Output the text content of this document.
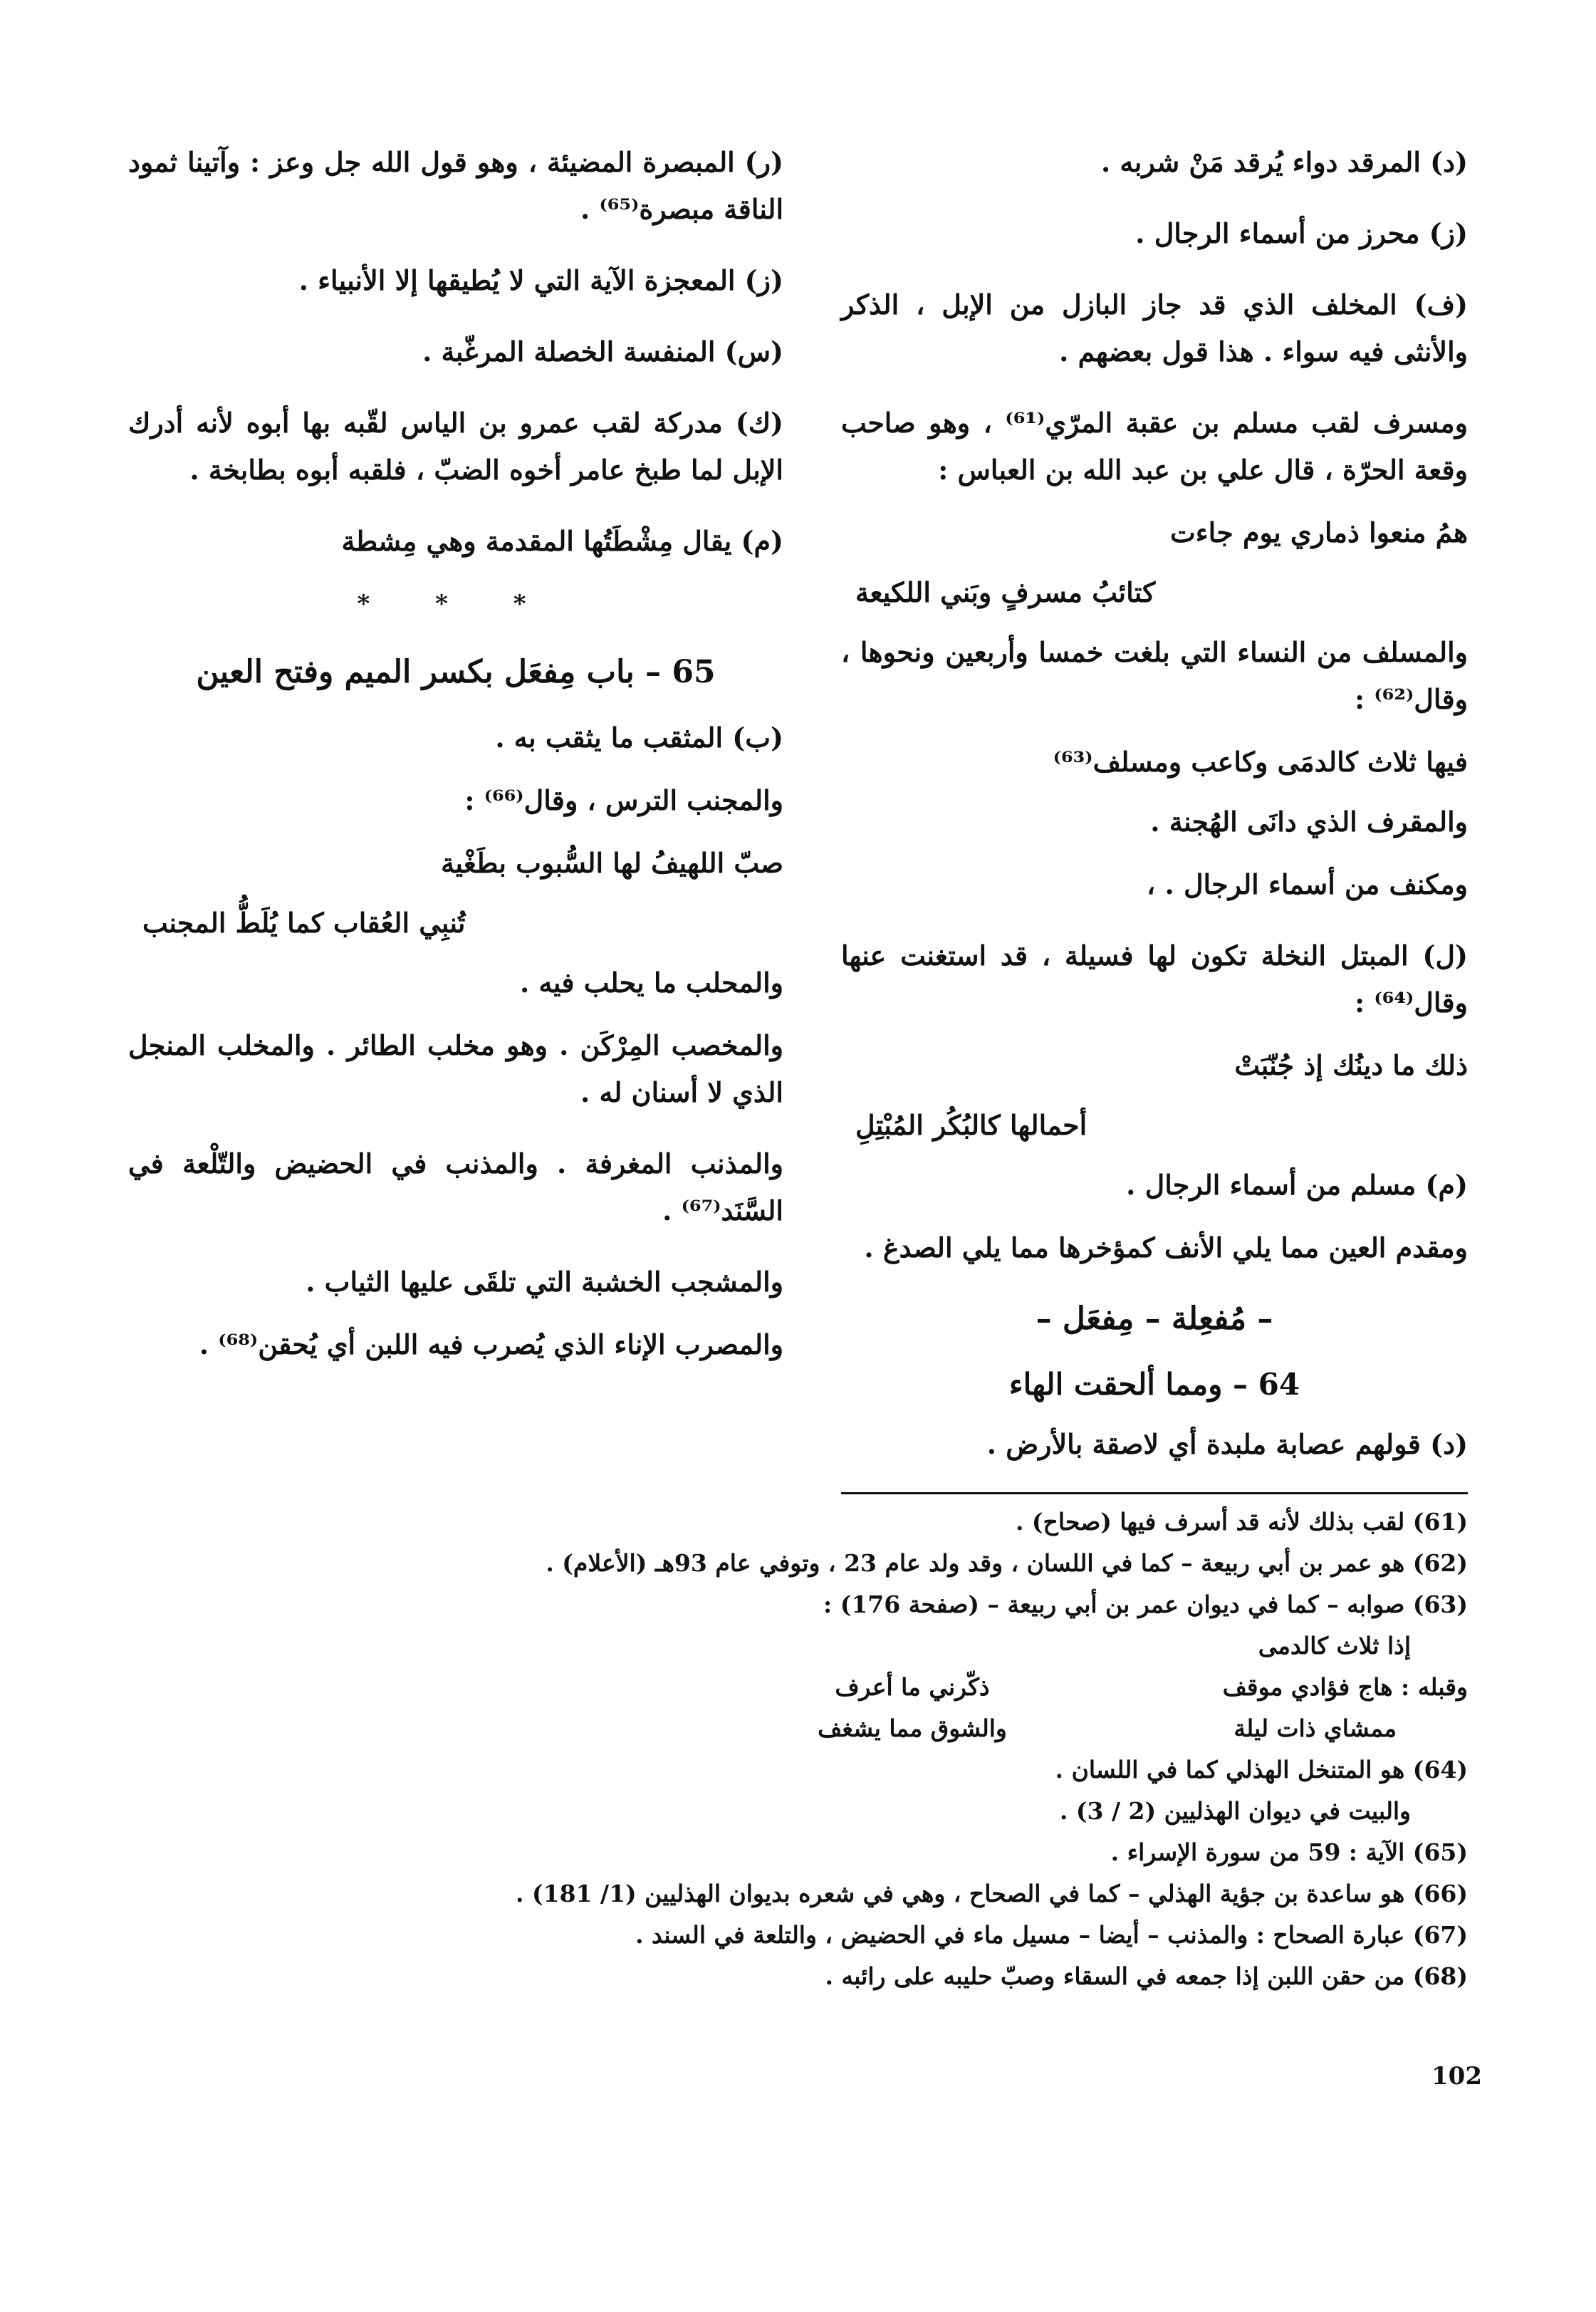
(د) المرقد دواء يُرقد مَنْ شربه .
(ز) محرز من أسماء الرجال .
(ف) المخلف الذي قد جاز البازل من الإبل ، الذكر والأنثى فيه سواء . هذا قول بعضهم .
ومسرف لقب مسلم بن عقبة المرّي⁽⁶¹⁾ ، وهو صاحب وقعة الحرّة ، قال علي بن عبد الله بن العباس :
همُ منعوا ذماري يوم جاءت
كتائبُ مسرفٍ وبَني اللكيعة
والمسلف من النساء التي بلغت خمسا وأربعين ونحوها ، وقال⁽⁶²⁾ :
فيها ثلاث كالدمَى وكاعب ومسلف⁽⁶³⁾
والمقرف الذي دانَى الهُجنة .
ومكنف من أسماء الرجال . ،
(ل) المبتل النخلة تكون لها فسيلة ، قد استغنت عنها وقال⁽⁶⁴⁾ :
ذلك ما دينُك إذ جُنّبَتْ
أحمالها كالبُكُر المُبْتِلِ
(م) مسلم من أسماء الرجال .
ومقدم العين مما يلي الأنف كمؤخرها مما يلي الصدغ .
– مُفعِلة – مِفعَل –
64 – ومما ألحقت الهاء
(د) قولهم عصابة ملبدة أي لاصقة بالأرض .
(ر) المبصرة المضيئة ، وهو قول الله جل وعز : وآتينا ثمود الناقة مبصرة⁽⁶⁵⁾ .
(ز) المعجزة الآية التي لا يُطيقها إلا الأنبياء .
(س) المنفسة الخصلة المرغّبة .
(ك) مدركة لقب عمرو بن الياس لقّبه بها أبوه لأنه أدرك الإبل لما طبخ عامر أخوه الضبّ ، فلقبه أبوه بطابخة .
(م) يقال مِشْطَتُها المقدمة وهي مِشطة
* * *
65 – باب مِفعَل بكسر الميم وفتح العين
(ب) المثقب ما يثقب به .
والمجنب الترس ، وقال⁽⁶⁶⁾ :
صبّ اللهيفُ لها السُّبوب بطَغْية
تُنبِي العُقاب كما يُلَطُّ المجنب
والمحلب ما يحلب فيه .
والمخصب المِرْكَن . وهو مخلب الطائر . والمخلب المنجل الذي لا أسنان له .
والمذنب المغرفة . والمذنب في الحضيض والتّلْعة في السَّنَد⁽⁶⁷⁾ .
والمشجب الخشبة التي تلقَى عليها الثياب .
والمصرب الإناء الذي يُصرب فيه اللبن أي يُحقن⁽⁶⁸⁾ .
(61) لقب بذلك لأنه قد أسرف فيها (صحاح) .
(62) هو عمر بن أبي ربيعة – كما في اللسان ، وقد ولد عام 23 ، وتوفي عام 93هـ (الأعلام) .
(63) صوابه – كما في ديوان عمر بن أبي ربيعة – (صفحة 176) :
إذا ثلاث كالدمى
وقبله : هاج فؤادي موقف
ذكّرني ما أعرف
ممشاي ذات ليلة
والشوق مما يشغف
(64) هو المتنخل الهذلي كما في اللسان .
والبيت في ديوان الهذليين (2 / 3) .
(65) الآية : 59 من سورة الإسراء .
(66) هو ساعدة بن جؤية الهذلي – كما في الصحاح ، وهي في شعره بديوان الهذليين (1/ 181) .
(67) عبارة الصحاح : والمذنب – أيضا – مسيل ماء في الحضيض ، والتلعة في السند .
(68) من حقن اللبن إذا جمعه في السقاء وصبّ حليبه على رائبه .
102
